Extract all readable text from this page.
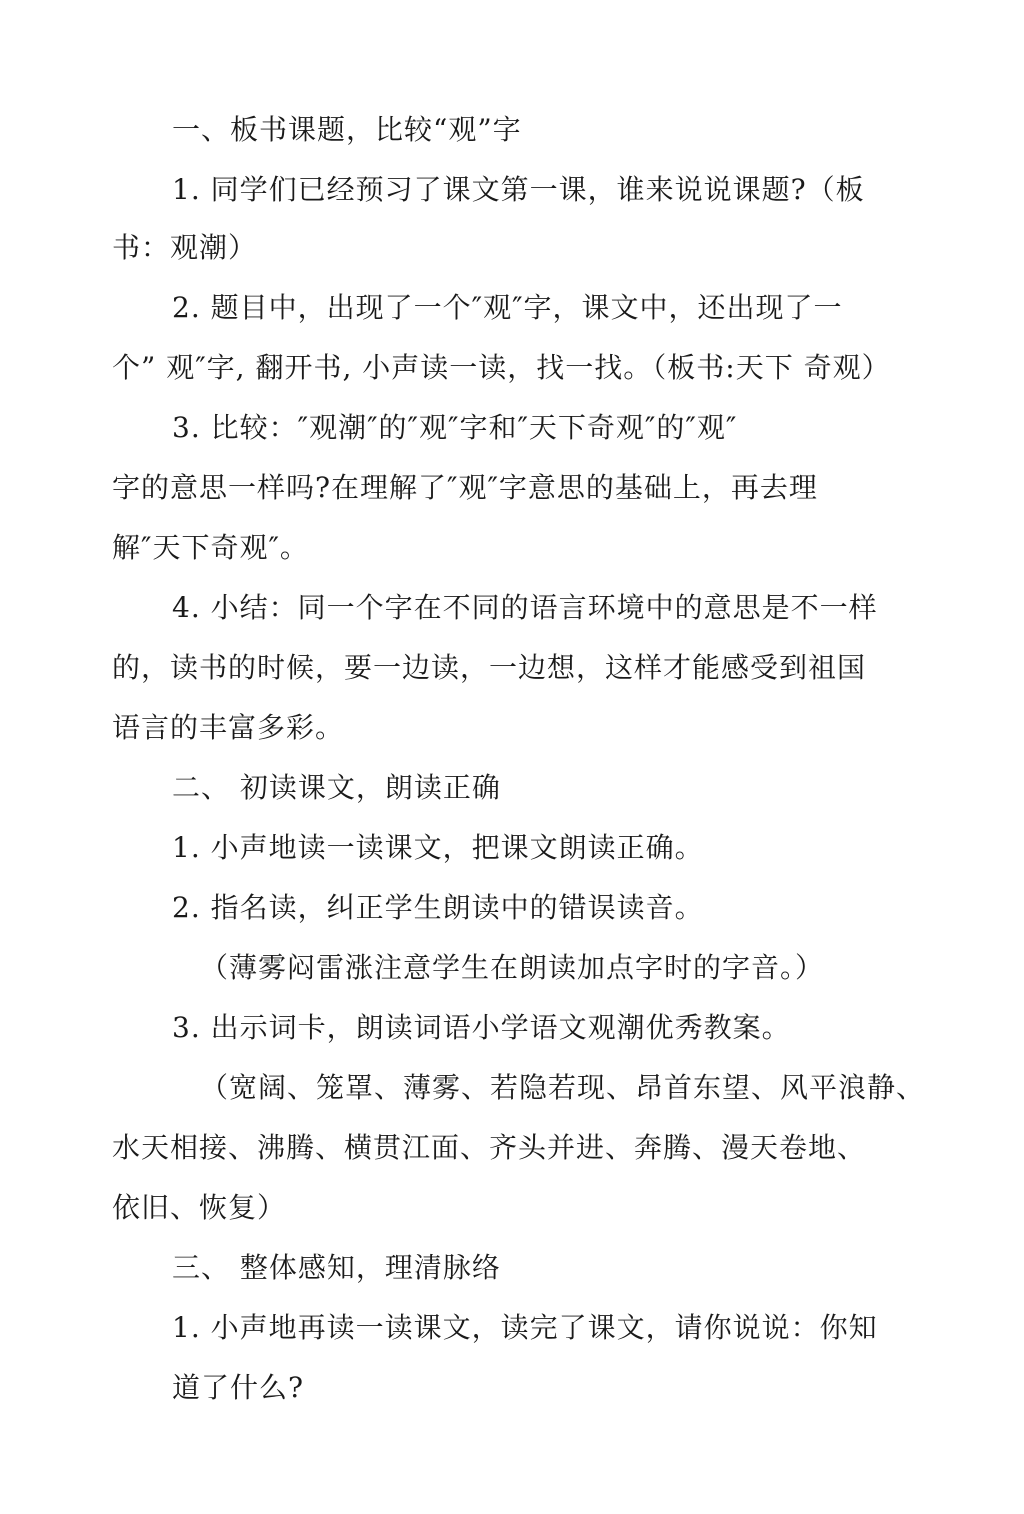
一、板书课题，比较“观”字
1. 同学们已经预习了课文第一课，谁来说说课题?（板
书：观潮）
2. 题目中，出现了一个″观″字，课文中，还出现了一
个” 观″字, 翻开书, 小声读一读，找一找。（板书:天下 奇观）
3. 比较：″观潮″的″观″字和″天下奇观″的″观″
字的意思一样吗?在理解了″观″字意思的基础上，再去理
解″天下奇观″。
4. 小结：同一个字在不同的语言环境中的意思是不一样
的，读书的时候，要一边读，一边想，这样才能感受到祖国
语言的丰富多彩。
二、 初读课文，朗读正确
1. 小声地读一读课文，把课文朗读正确。
2. 指名读，纠正学生朗读中的错误读音。
（薄雾闷雷涨注意学生在朗读加点字时的字音。）
3. 出示词卡，朗读词语小学语文观潮优秀教案。
（宽阔、笼罩、薄雾、若隐若现、昂首东望、风平浪静、
水天相接、沸腾、横贯江面、齐头并进、奔腾、漫天卷地、
依旧、恢复）
三、 整体感知，理清脉络
1. 小声地再读一读课文，读完了课文，请你说说：你知
道了什么?
